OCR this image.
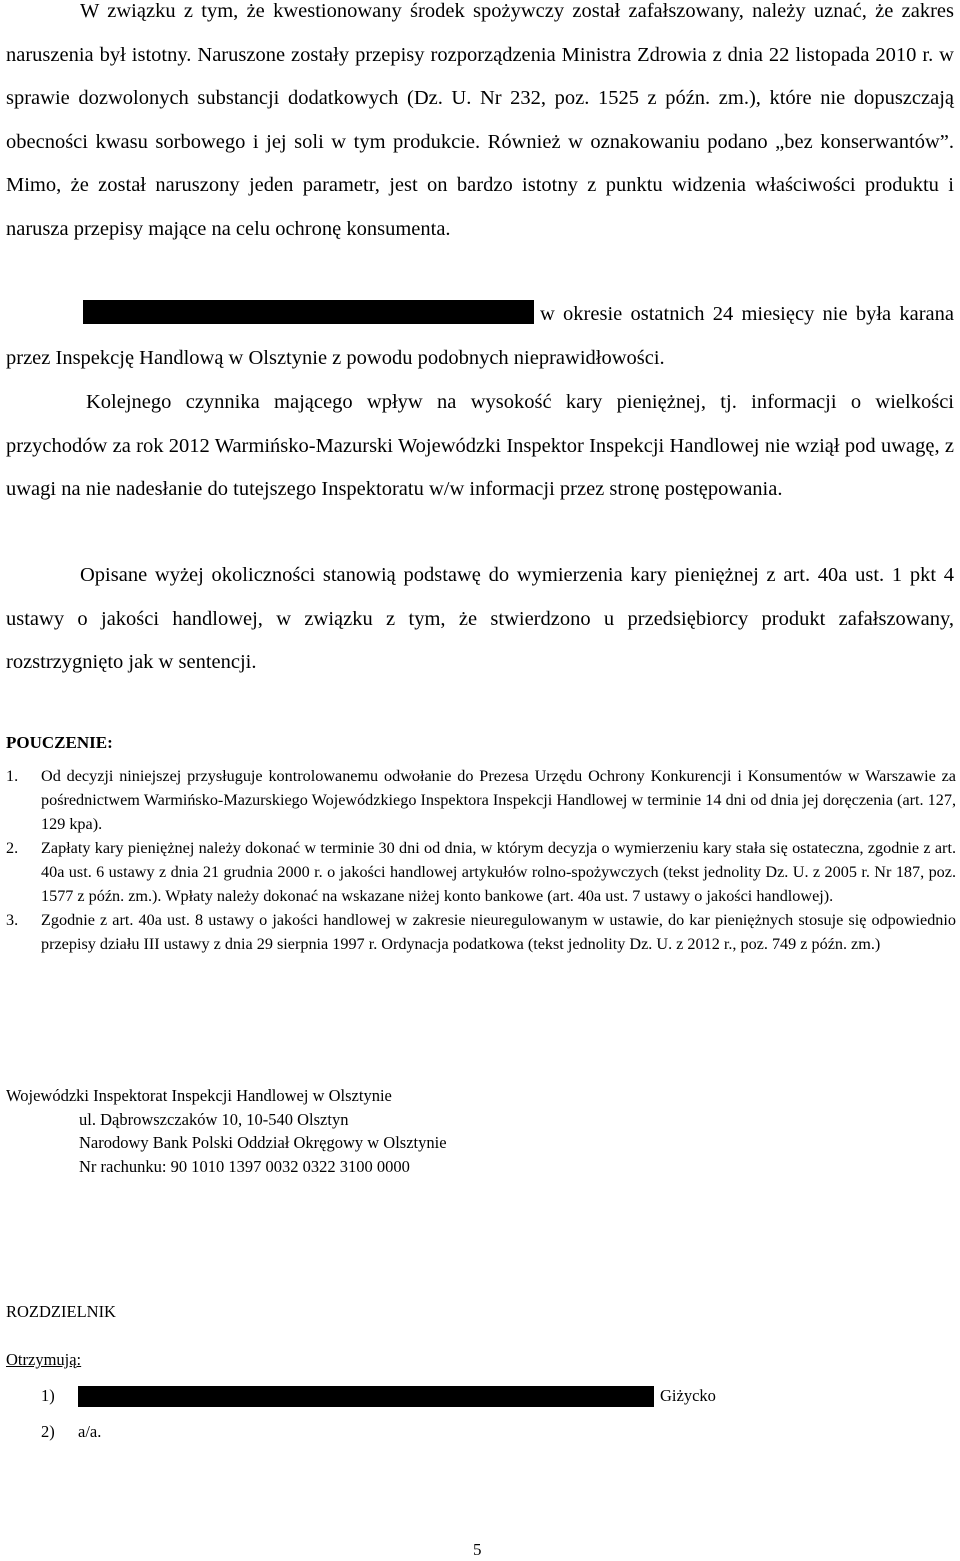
W związku z tym, że kwestionowany środek spożywczy został zafałszowany, należy uznać, że zakres naruszenia był istotny. Naruszone zostały przepisy rozporządzenia Ministra Zdrowia z dnia 22 listopada 2010 r. w sprawie dozwolonych substancji dodatkowych (Dz. U. Nr 232, poz. 1525 z późn. zm.), które nie dopuszczają obecności kwasu sorbowego i jej soli w tym produkcie. Również w oznakowaniu podano „bez konserwantów”. Mimo, że został naruszony jeden parametr, jest on bardzo istotny z punktu widzenia właściwości produktu i narusza przepisy mające na celu ochronę konsumenta.

w okresie ostatnich 24 miesięcy nie była karana przez Inspekcję Handlową w Olsztynie z powodu podobnych nieprawidłowości.

Kolejnego czynnika mającego wpływ na wysokość kary pieniężnej, tj. informacji o wielkości przychodów za rok 2012 Warmińsko-Mazurski Wojewódzki Inspektor Inspekcji Handlowej nie wziął pod uwagę, z uwagi na nie nadesłanie do tutejszego Inspektoratu w/w informacji przez stronę postępowania.

Opisane wyżej okoliczności stanowią podstawę do wymierzenia kary pieniężnej z art. 40a ust. 1 pkt 4 ustawy o jakości handlowej, w związku z tym, że stwierdzono u przedsiębiorcy produkt zafałszowany, rozstrzygnięto jak w sentencji.

POUCZENIE:

1. Od decyzji niniejszej przysługuje kontrolowanemu odwołanie do Prezesa Urzędu Ochrony Konkurencji i Konsumentów w Warszawie za pośrednictwem Warmińsko-Mazurskiego Wojewódzkiego Inspektora Inspekcji Handlowej w terminie 14 dni od dnia jej doręczenia (art. 127, 129 kpa).
2. Zapłaty kary pieniężnej należy dokonać w terminie 30 dni od dnia, w którym decyzja o wymierzeniu kary stała się ostateczna, zgodnie z art. 40a ust. 6 ustawy z dnia 21 grudnia 2000 r. o jakości handlowej artykułów rolno-spożywczych (tekst jednolity Dz. U. z 2005 r. Nr 187, poz. 1577 z późn. zm.). Wpłaty należy dokonać na wskazane niżej konto bankowe (art. 40a ust. 7 ustawy o jakości handlowej).
3. Zgodnie z art. 40a ust. 8 ustawy o jakości handlowej w zakresie nieuregulowanym w ustawie, do kar pieniężnych stosuje się odpowiednio przepisy działu III ustawy z dnia 29 sierpnia 1997 r. Ordynacja podatkowa (tekst jednolity Dz. U. z 2012 r., poz. 749 z późn. zm.)
Wojewódzki Inspektorat Inspekcji Handlowej w Olsztynie
ul. Dąbrowszczaków 10, 10-540 Olsztyn
Narodowy Bank Polski Oddział Okręgowy w Olsztynie
Nr rachunku: 90 1010 1397 0032 0322 3100 0000
ROZDZIELNIK
Otrzymują:
1)	Giżycko
2)	a/a.
5
